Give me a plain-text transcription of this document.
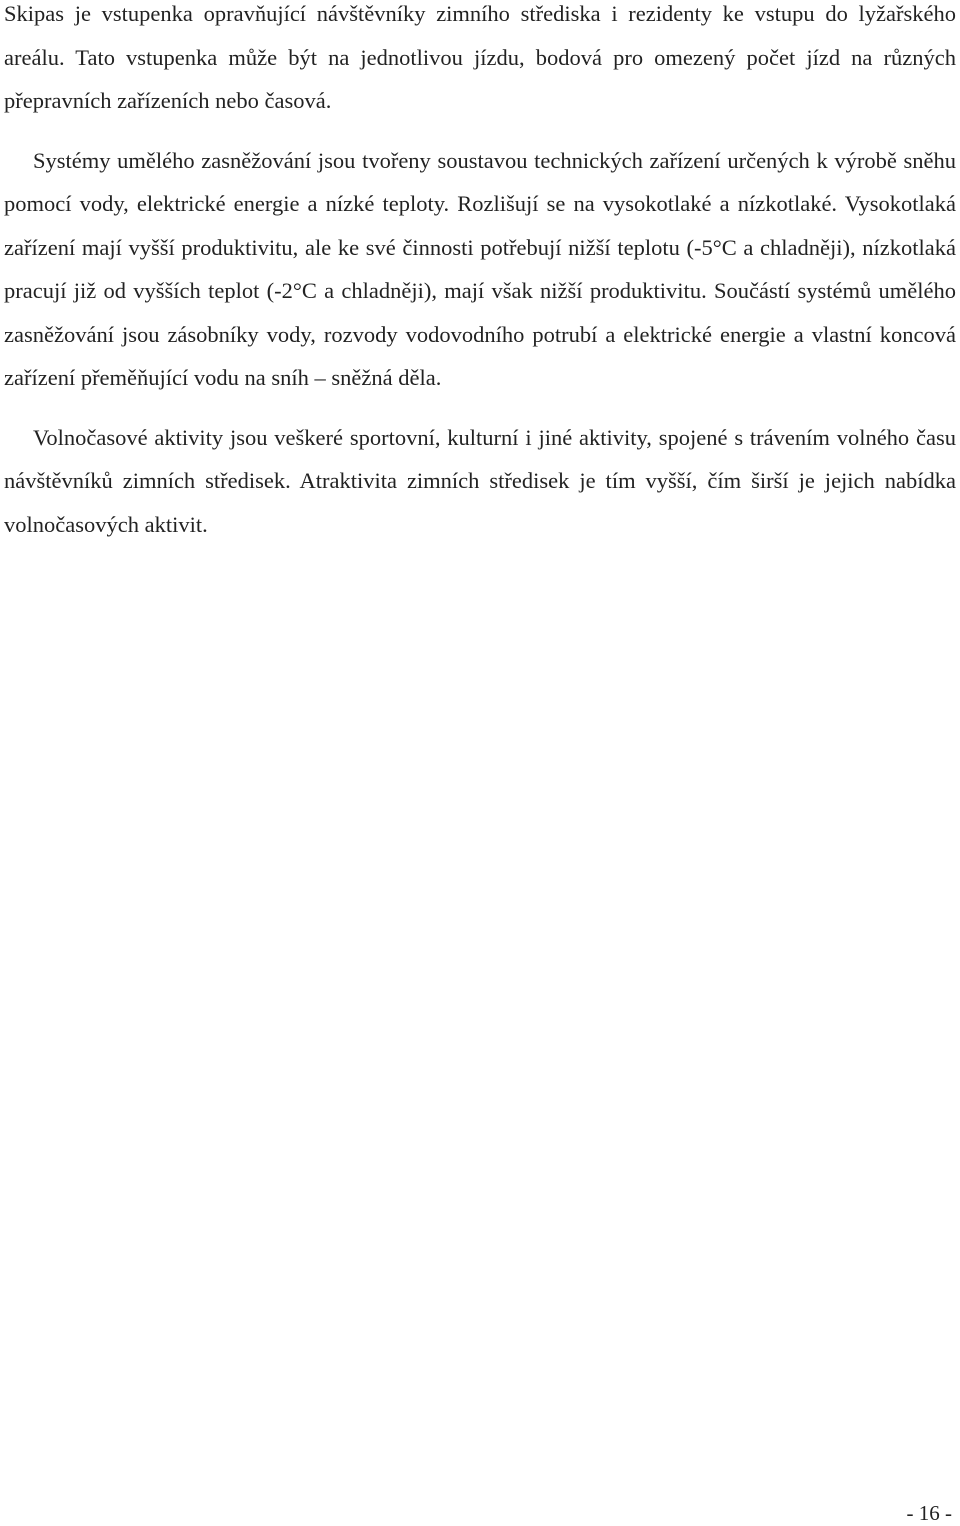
Skipas je vstupenka opravňující návštěvníky zimního střediska i rezidenty ke vstupu do lyžařského areálu. Tato vstupenka může být na jednotlivou jízdu, bodová pro omezený počet jízd na různých přepravních zařízeních nebo časová.

Systémy umělého zasněžování jsou tvořeny soustavou technických zařízení určených k výrobě sněhu pomocí vody, elektrické energie a nízké teploty. Rozlišují se na vysokotlaké a nízkotlaké. Vysokotlaká zařízení mají vyšší produktivitu, ale ke své činnosti potřebují nižší teplotu (-5°C a chladněji), nízkotlaká pracují již od vyšších teplot (-2°C a chladněji), mají však nižší produktivitu. Součástí systémů umělého zasněžování jsou zásobníky vody, rozvody vodovodního potrubí a elektrické energie a vlastní koncová zařízení přeměňující vodu na sníh – sněžná děla.

Volnočasové aktivity jsou veškeré sportovní, kulturní i jiné aktivity, spojené s trávením volného času návštěvníků zimních středisek. Atraktivita zimních středisek je tím vyšší, čím širší je jejich nabídka volnočasových aktivit.

- 16 -
